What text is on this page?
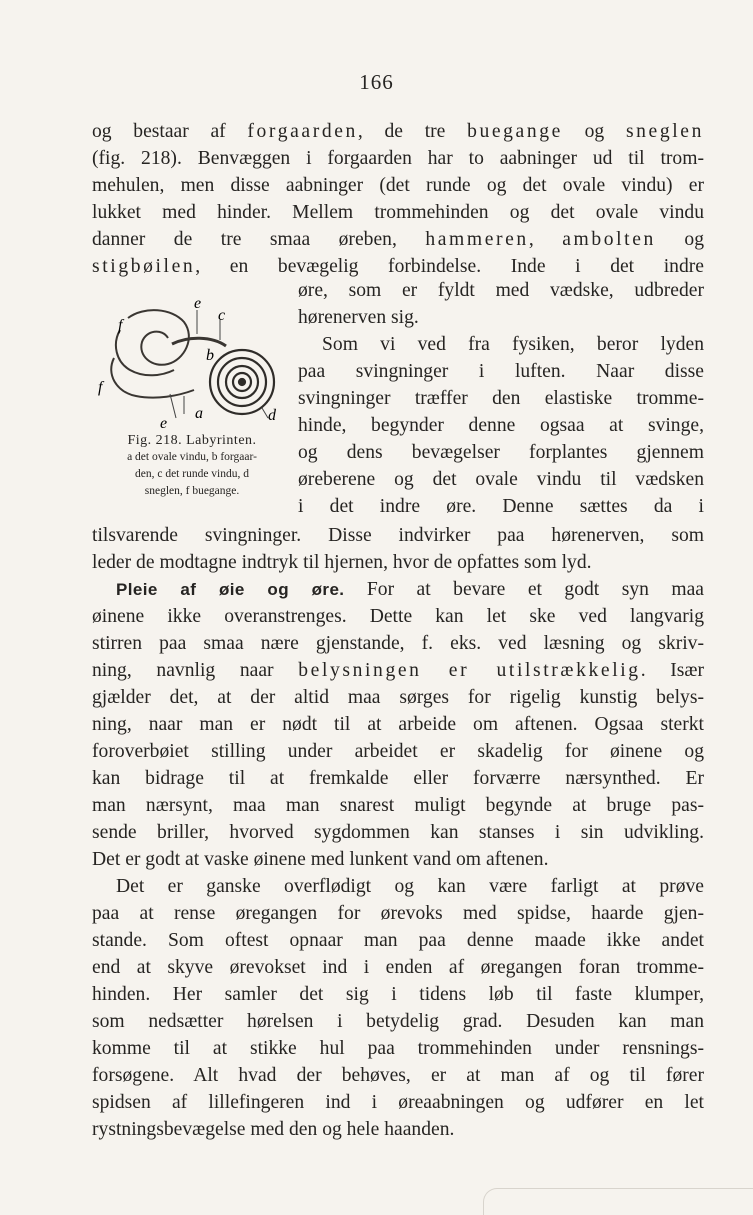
166
og bestaar af forgaarden, de tre buegange og sneglen
(fig. 218). Benvæggen i forgaarden har to aabninger ud til trom-
mehulen, men disse aabninger (det runde og det ovale vindu) er
lukket med hinder. Mellem trommehinden og det ovale vindu
danner de tre smaa øreben, hammeren, ambolten og
stigbøilen, en bevægelig forbindelse. Inde i det indre
e
c
f
b
f
a
e	d
Fig. 218. Labyrinten.
a det ovale vindu, b forgaar-
den, c det runde vindu, d
sneglen, f buegange.
øre, som er fyldt med vædske, udbreder
hørenerven sig.
Som vi ved fra fysiken, beror lyden
paa svingninger i luften. Naar disse
svingninger træffer den elastiske tromme-
hinde, begynder denne ogsaa at svinge,
og dens bevægelser forplantes gjennem
øreberene og det ovale vindu til vædsken
i det indre øre. Denne sættes da i
tilsvarende svingninger. Disse indvirker paa hørenerven, som
leder de modtagne indtryk til hjernen, hvor de opfattes som lyd.
Pleie af øie og øre. For at bevare et godt syn maa
øinene ikke overanstrenges. Dette kan let ske ved langvarig
stirren paa smaa nære gjenstande, f. eks. ved læsning og skriv-
ning, navnlig naar belysningen er utilstrækkelig. Især
gjælder det, at der altid maa sørges for rigelig kunstig belys-
ning, naar man er nødt til at arbeide om aftenen. Ogsaa sterkt
foroverbøiet stilling under arbeidet er skadelig for øinene og
kan bidrage til at fremkalde eller forværre nærsynthed. Er
man nærsynt, maa man snarest muligt begynde at bruge pas-
sende briller, hvorved sygdommen kan stanses i sin udvikling.
Det er godt at vaske øinene med lunkent vand om aftenen.
Det er ganske overflødigt og kan være farligt at prøve
paa at rense øregangen for ørevoks med spidse, haarde gjen-
stande. Som oftest opnaar man paa denne maade ikke andet
end at skyve ørevokset ind i enden af øregangen foran tromme-
hinden. Her samler det sig i tidens løb til faste klumper,
som nedsætter hørelsen i betydelig grad. Desuden kan man
komme til at stikke hul paa trommehinden under rensnings-
forsøgene. Alt hvad der behøves, er at man af og til fører
spidsen af lillefingeren ind i øreaabningen og udfører en let
rystningsbevægelse med den og hele haanden.
